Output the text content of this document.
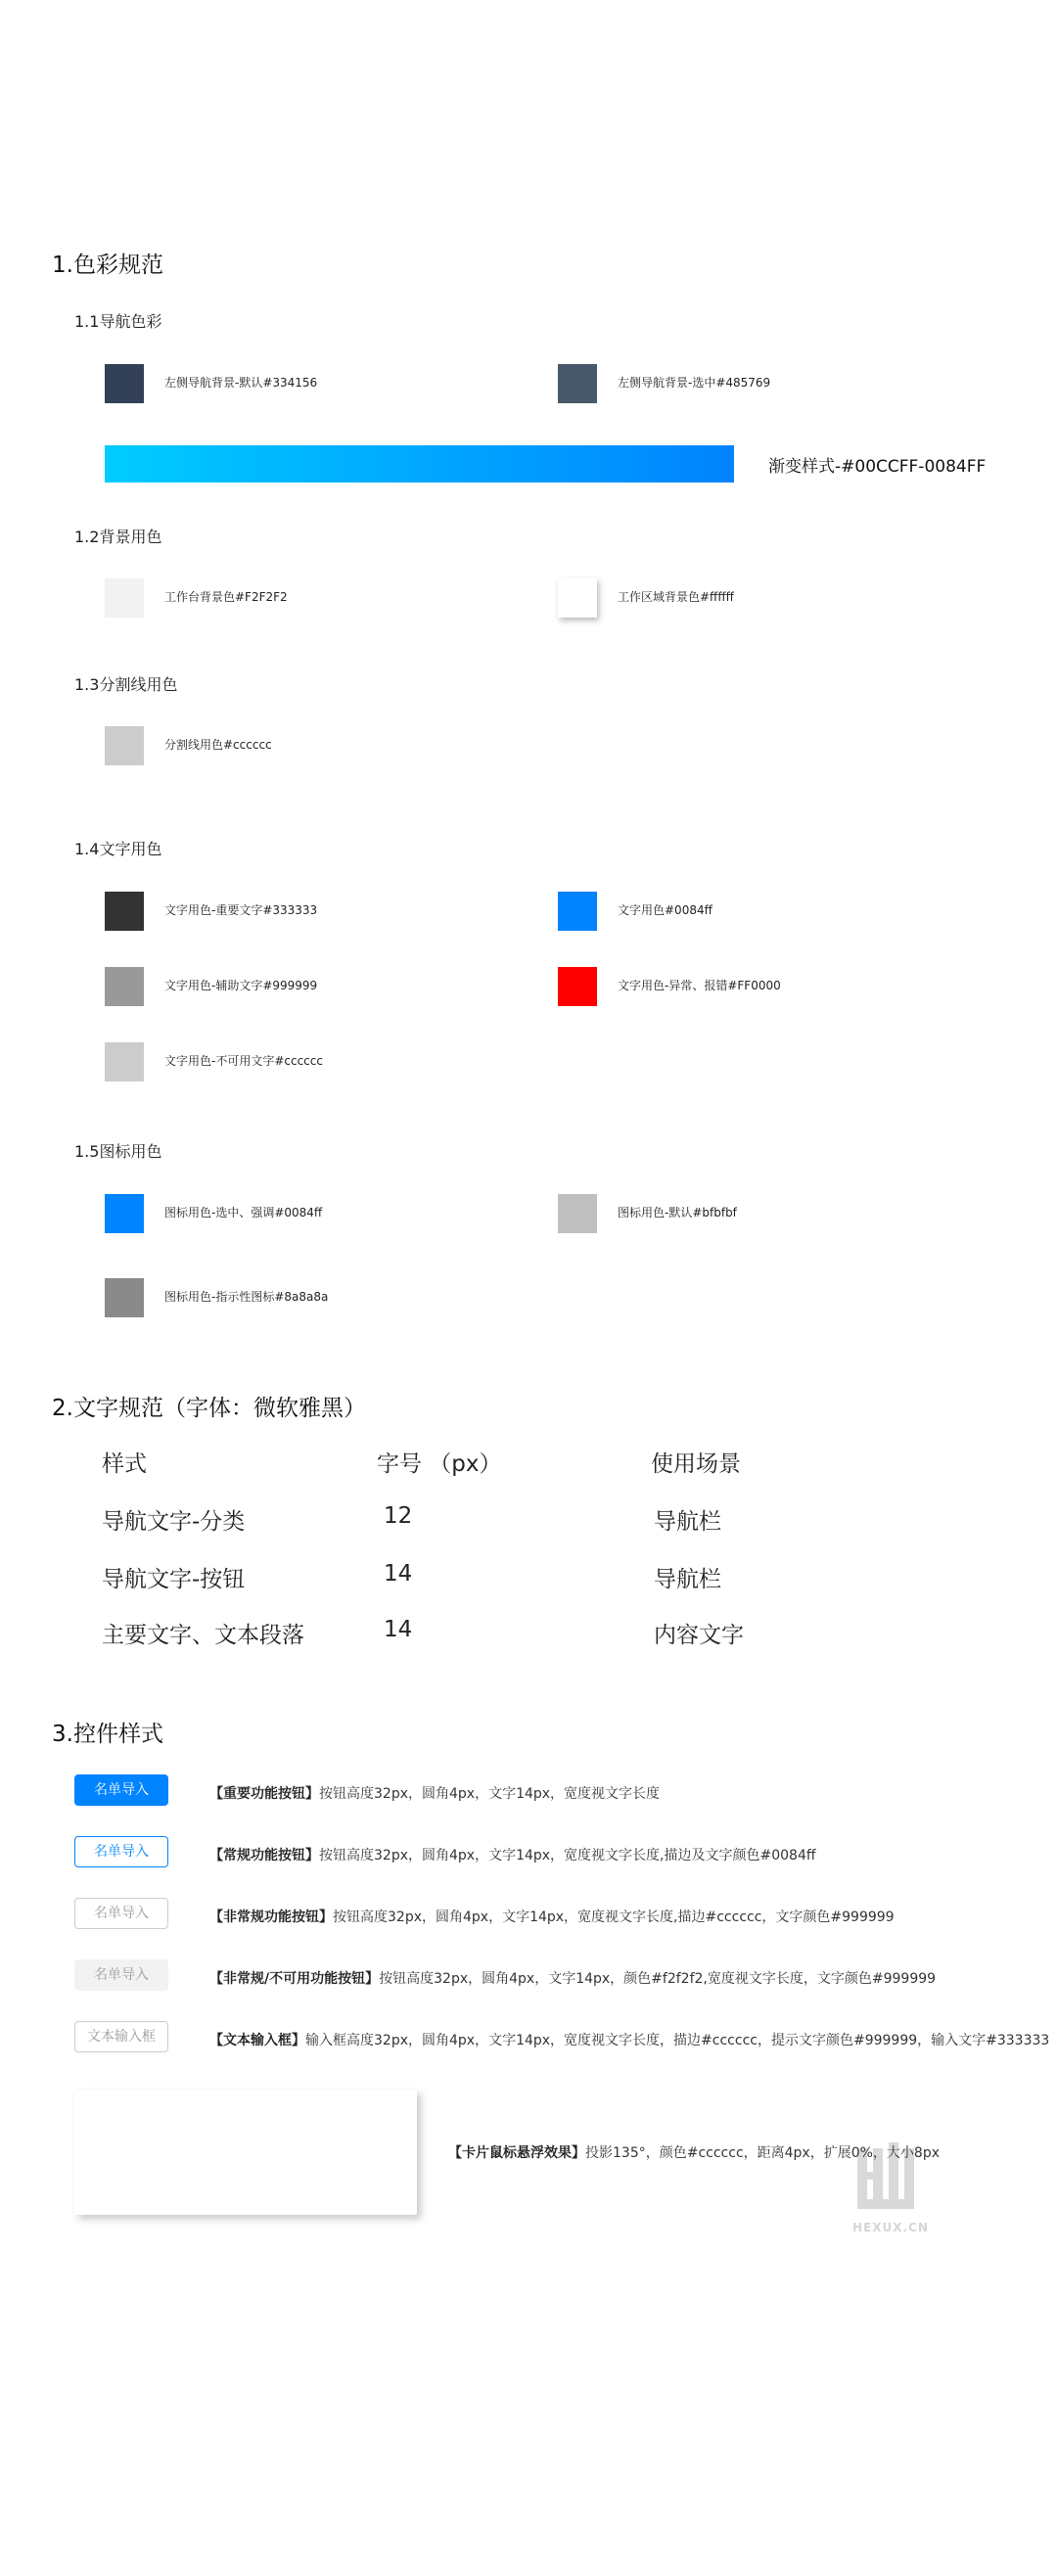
1.色彩规范
1.1导航色彩
左侧导航背景-默认#334156	左侧导航背景-选中#485769
渐变样式-#00CCFF-0084FF
1.2背景用色
工作台背景色#F2F2F2	工作区域背景色#ffffff
1.3分割线用色
分割线用色#cccccc
1.4文字用色
文字用色-重要文字#333333	文字用色#0084ff
文字用色-辅助文字#999999	文字用色-异常、报错#FF0000
文字用色-不可用文字#cccccc
1.5图标用色
图标用色-选中、强调#0084ff	图标用色-默认#bfbfbf
图标用色-指示性图标#8a8a8a
2.文字规范（字体：微软雅黑）
样式	字号 （px）	使用场景
导航文字-分类	12	导航栏
导航文字-按钮	14	导航栏
主要文字、文本段落	14	内容文字
3.控件样式
名单导入	【重要功能按钮】按钮高度32px，圆角4px，文字14px，宽度视文字长度
名单导入	【常规功能按钮】按钮高度32px，圆角4px，文字14px，宽度视文字长度,描边及文字颜色#0084ff
名单导入	【非常规功能按钮】按钮高度32px，圆角4px，文字14px，宽度视文字长度,描边#cccccc，文字颜色#999999
名单导入	【非常规/不可用功能按钮】按钮高度32px，圆角4px，文字14px，颜色#f2f2f2,宽度视文字长度，文字颜色#999999
文本输入框	【文本输入框】输入框高度32px，圆角4px，文字14px，宽度视文字长度，描边#cccccc，提示文字颜色#999999，输入文字#333333
【卡片鼠标悬浮效果】投影135°，颜色#cccccc，距离4px，扩展0%，大小8px
HEXUX.CN
